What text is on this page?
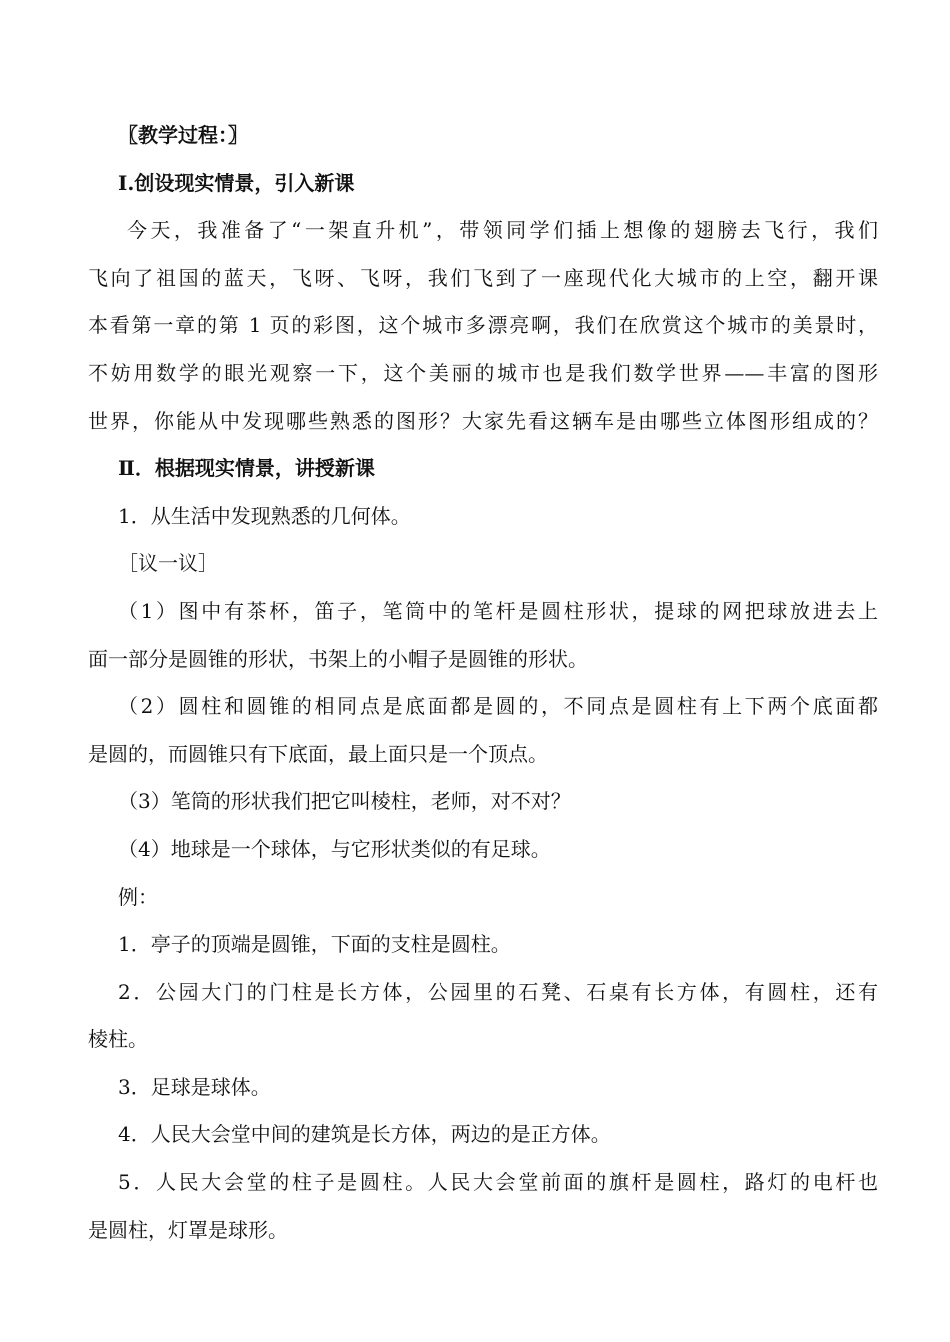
〖教学过程：〗

Ⅰ.创设现实情景，引入新课

今天，我准备了“一架直升机”，带领同学们插上想像的翅膀去飞行，我们

飞向了祖国的蓝天，飞呀、飞呀，我们飞到了一座现代化大城市的上空，翻开课

本看第一章的第 1 页的彩图，这个城市多漂亮啊，我们在欣赏这个城市的美景时，

不妨用数学的眼光观察一下，这个美丽的城市也是我们数学世界——丰富的图形

世界，你能从中发现哪些熟悉的图形？大家先看这辆车是由哪些立体图形组成的？

Ⅱ．根据现实情景，讲授新课

1．从生活中发现熟悉的几何体。

［议一议］

（1）图中有茶杯，笛子，笔筒中的笔杆是圆柱形状，提球的网把球放进去上

面一部分是圆锥的形状，书架上的小帽子是圆锥的形状。

（2）圆柱和圆锥的相同点是底面都是圆的，不同点是圆柱有上下两个底面都

是圆的，而圆锥只有下底面，最上面只是一个顶点。

（3）笔筒的形状我们把它叫棱柱，老师，对不对？

（4）地球是一个球体，与它形状类似的有足球。

例：

1．亭子的顶端是圆锥，下面的支柱是圆柱。

2．公园大门的门柱是长方体，公园里的石凳、石桌有长方体，有圆柱，还有

棱柱。

3．足球是球体。

4．人民大会堂中间的建筑是长方体，两边的是正方体。

5．人民大会堂的柱子是圆柱。人民大会堂前面的旗杆是圆柱，路灯的电杆也

是圆柱，灯罩是球形。
